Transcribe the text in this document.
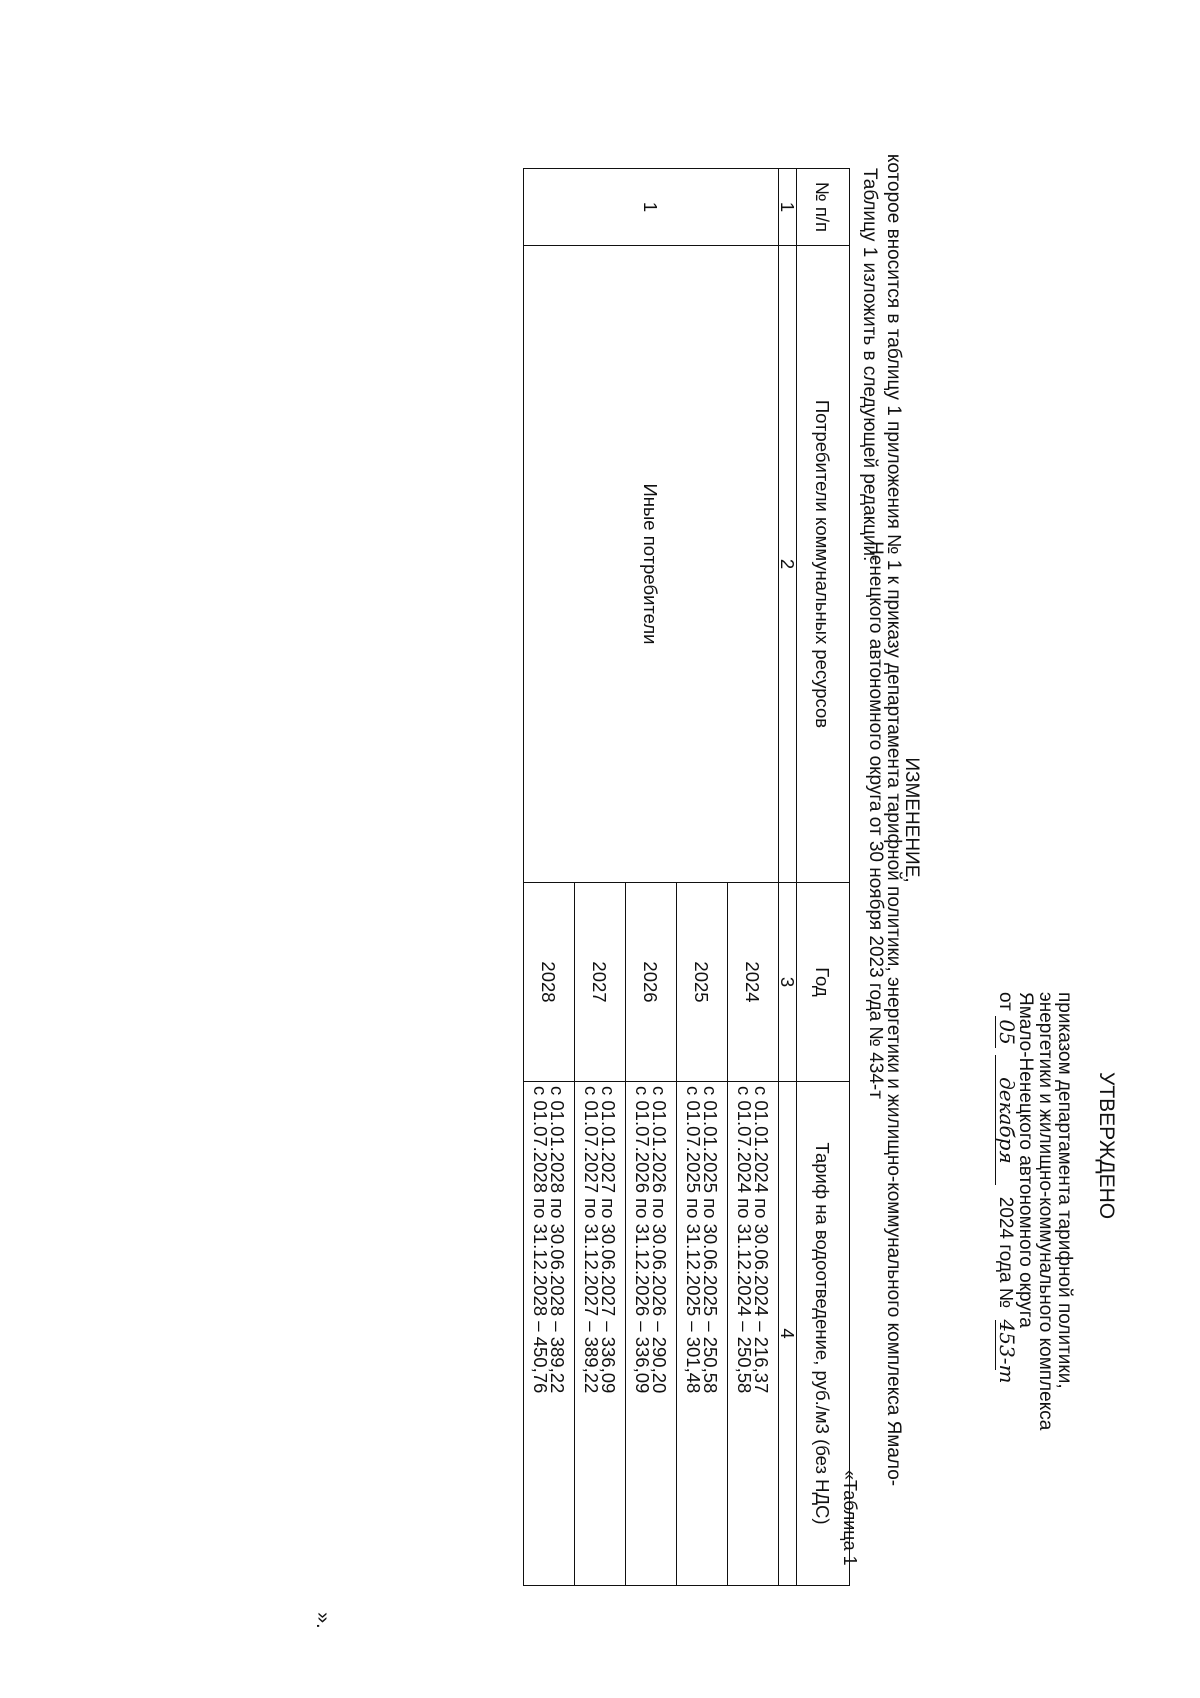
УТВЕРЖДЕНО
приказом департамента тарифной политики,
энергетики и жилищно-коммунального комплекса
Ямало-Ненецкого автономного округа
от 05 декабря 2024 года № 453-т
ИЗМЕНЕНИЕ,
которое вносится в таблицу 1 приложения № 1 к приказу департамента тарифной политики, энергетики и жилищно-коммунального комплекса Ямало-Ненецкого автономного округа от 30 ноября 2023 года № 434-т
Таблицу 1 изложить в следующей редакции:
«Таблица 1
№ п/п	Потребители коммунальных ресурсов	Год	Тариф на водоотведение, руб./м3 (без НДС)
1	2	3	4
1	Иные потребители	2024	с 01.01.2024 по 30.06.2024 – 216,37
с 01.07.2024 по 31.12.2024 – 250,58

		2025	с 01.01.2025 по 30.06.2025 – 250,58
с 01.07.2025 по 31.12.2025 – 301,48

		2026	с 01.01.2026 по 30.06.2026 – 290,20
с 01.07.2026 по 31.12.2026 – 336,09

		2027	с 01.01.2027 по 30.06.2027 – 336,09
с 01.07.2027 по 31.12.2027 – 389,22

		2028	с 01.01.2028 по 30.06.2028 – 389,22
с 01.07.2028 по 31.12.2028 – 450,76
».
